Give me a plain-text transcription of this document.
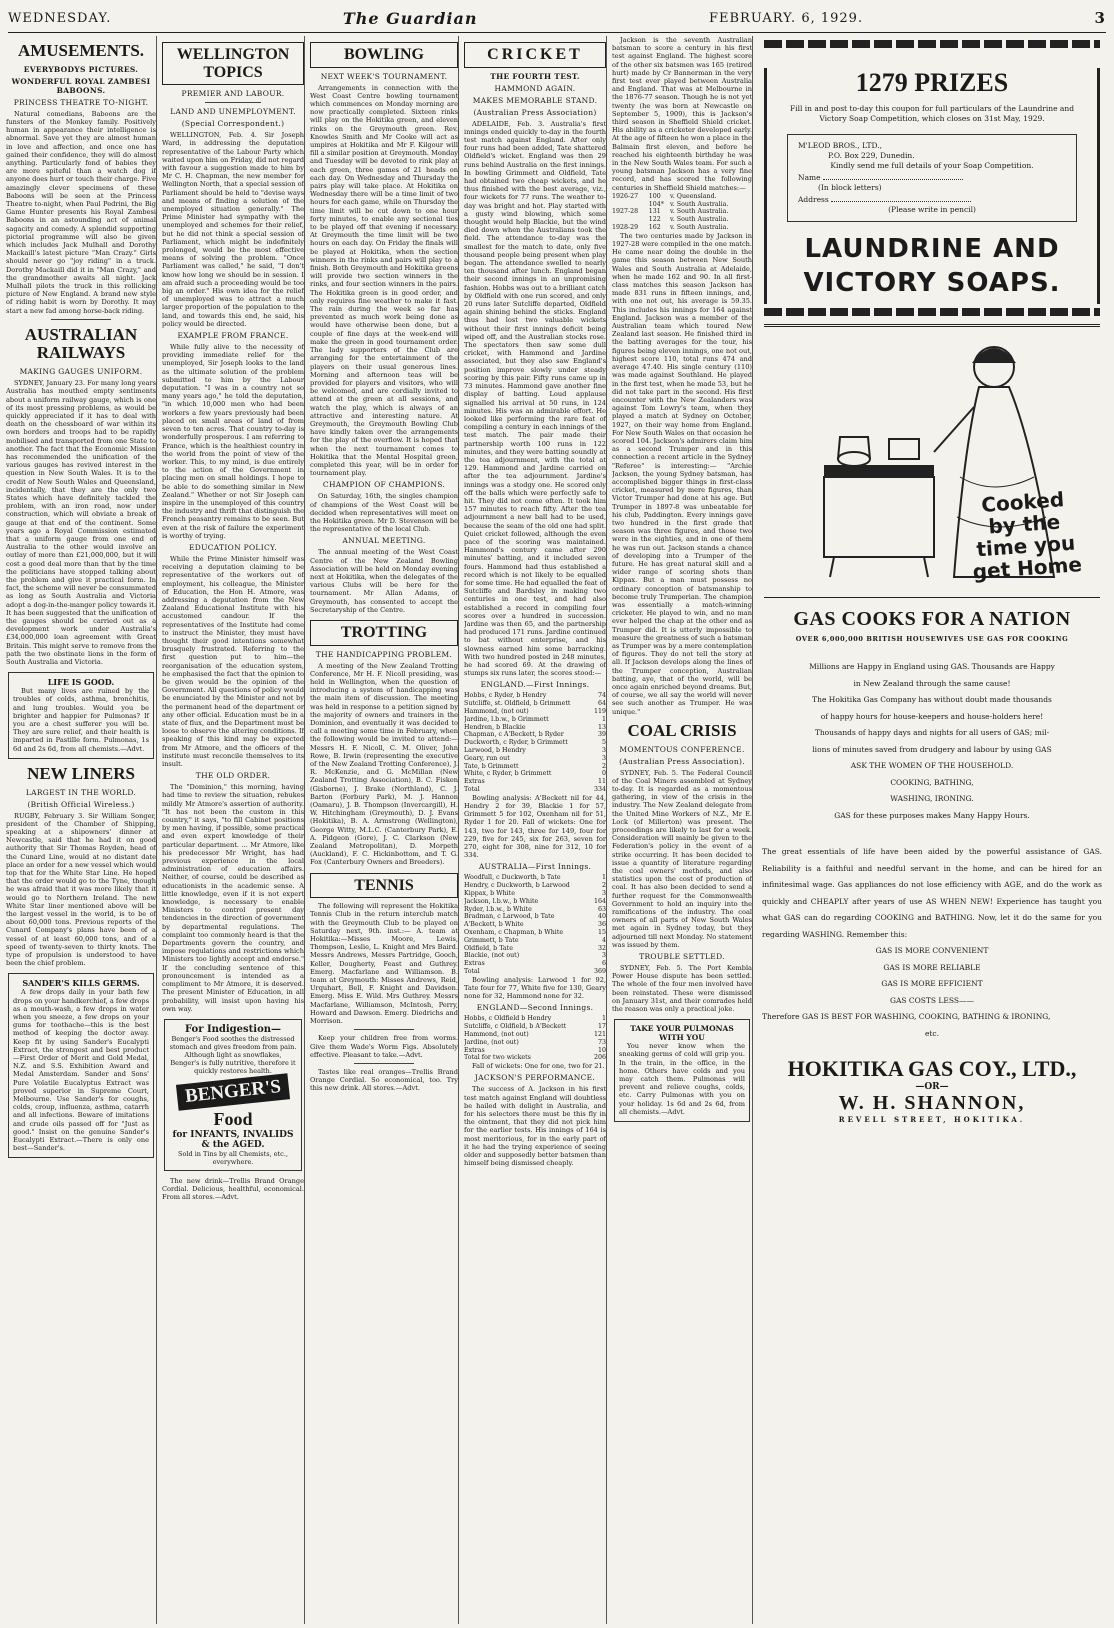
WEDNESDAY.	The Guardian	FEBRUARY. 6, 1929.	3
AMUSEMENTS.
EVERYBODYS PICTURES.
WONDERFUL ROYAL ZAMBESI BABOONS.
PRINCESS THEATRE TO-NIGHT.

Natural comedians, Baboons are the funsters of the Monkey family. Positively human in appearance their intelligence is abnormal. Save yet they are almost human in love and affection, and once one has gained their confidence, they will do almost anything. Particularly fond of babies they are more spiteful than a watch dog if anyone does hurt or touch their charge. Five amazingly clever specimens of these Baboons will be seen at the Princess Theatre to-night, when Paul Pedrini, the Big Game Hunter presents his Royal Zambesi Baboons in an astounding act of animal sagacity and comedy. A splendid supporting pictorial programme will also be given which includes Jack Mulhall and Dorothy Mackaill's latest picture "Man Crazy." Girls should never go "joy riding" in a truck. Dorothy Mackaill did it in "Man Crazy," and the grandmother awaits all night. Jack Mulhall pilots the truck in this rollicking picture of New England. A brand new style of riding habit is worn by Dorothy. It may start a new fad among horse-back riding.

AUSTRALIAN RAILWAYS
MAKING GAUGES UNIFORM.

SYDNEY, January 23. For many long years Australia has mouthed empty sentiments about a uniform railway gauge, which is one of its most pressing problems, as would be quickly appreciated if it has to deal with death on the chessboard of war within its own borders and troops had to be rapidly mobilised and transported from one State to another. The fact that the Economic Mission has recommended the unification of the various gauges has revived interest in the question in New South Wales. It is to the credit of New South Wales and Queensland, incidentally, that they are the only two States which have definitely tackled the problem, with an iron road, now under construction, which will obviate a break of gauge at that end of the continent. Some years ago a Royal Commission estimated that a uniform gauge from one end of Australia to the other would involve an outlay of more than £21,000,000, but it will cost a good deal more than that by the time the politicians have stopped talking about the problem and give it practical form. In fact, the scheme will never be consummated as long as South Australia and Victoria adopt a dog-in-the-manger policy towards it. It has been suggested that the unification of the gauges should be carried out as a development work under Australia's £34,000,000 loan agreement with Great Britain. This might serve to remove from the path the two obstinate lions in the form of South Australia and Victoria.

LIFE IS GOOD.

But many lives are ruined by the troubles of colds, asthma, bronchitis, and lung troubles. Would you be brighter and happier for Pulmonas? If you are a chest sufferer you will be. They are sure relief, and their health is imparted in Pastille form. Pulmonas, 1s 6d and 2s 6d, from all chemists.—Advt.

NEW LINERS
LARGEST IN THE WORLD.
(British Official Wireless.)

RUGBY, February 3. Sir William Songer, president of the Chamber of Shipping, speaking at a shipowners' dinner at Newcastle, said that he had it on good authority that Sir Thomas Royden, head of the Cunard Line, would at no distant date place an order for a new vessel which would top that for the White Star Line. He hoped that the order would go to the Tyne, though he was afraid that it was more likely that it would go to Northern Ireland. The new White Star liner mentioned above will be the largest vessel in the world, is to be of about 60,000 tons. Previous reports of the Cunard Company's plans have been of a vessel of at least 60,000 tons, and of a speed of twenty-seven to thirty knots. The type of propulsion is understood to have been the chief problem.

SANDER'S KILLS GERMS.

A few drops daily in your bath few drops on your handkerchief, a few drops as a mouth-wash, a few drops in water when you sneeze, a few drops on your gums for toothache—this is the best method of keeping the doctor away. Keep fit by using Sander's Eucalypti Extract, the strongest and best product—First Order of Merit and Gold Medal, N.Z. and S.S. Exhibition Award and Medal Amsterdam. Sander and Sons' Pure Volatile Eucalyptus Extract was proved superior in Supreme Court, Melbourne. Use Sander's for coughs, colds, croup, influenza, asthma, catarrh and all infections. Beware of imitations and crude oils passed off for "Just as good." Insist on the genuine Sander's Eucalypti Extract.—There is only one best—Sander's.

WELLINGTON TOPICS
PREMIER AND LABOUR.
LAND AND UNEMPLOYMENT.
(Special Correspondent.)

WELLINGTON, Feb. 4. Sir Joseph Ward, in addressing the deputation representative of the Labour Party which waited upon him on Friday, did not regard with favour a suggestion made to him by Mr C. H. Chapman, the new member for Wellington North, that a special session of Parliament should be held to "devise ways and means of finding a solution of the unemployed situation generally." The Prime Minister had sympathy with the unemployed and schemes for their relief, but he did not think a special session of Parliament, which might be indefinitely prolonged, would be the most effective means of solving the problem. "Once Parliament was called," he said, "I don't know how long we should be in session. I am afraid such a proceeding would be too big an order." His own idea for the relief of unemployed was to attract a much larger proportion of the population to the land, and towards this end, he said, his policy would be directed.

EXAMPLE FROM FRANCE.

While fully alive to the necessity of providing immediate relief for the unemployed, Sir Joseph looks to the land as the ultimate solution of the problem submitted to him by the Labour deputation. "I was in a country not so many years ago," he told the deputation, "in which 10,000 men who had been workers a few years previously had been placed on small areas of land of from seven to ten acres. That country to-day is wonderfully prosperous. I am referring to France, which is the healthiest country in the world from the point of view of the worker. This, to my mind, is due entirely to the action of the Government in placing men on small holdings. I hope to be able to do something similar in New Zealand." Whether or not Sir Joseph can inspire in the unemployed of this country the industry and thrift that distinguish the French peasantry remains to be seen. But even at the risk of failure the experiment is worthy of trying.

EDUCATION POLICY.

While the Prime Minister himself was receiving a deputation claiming to be representative of the workers out of employment, his colleague, the Minister of Education, the Hon H. Atmore, was addressing a deputation from the New Zealand Educational Institute with his accustomed candour. If the representatives of the Institute had come to instruct the Minister, they must have thought their good intentions somewhat brusquely frustrated. Referring to the first question put to him—the reorganisation of the education system, he emphasised the fact that the opinion to be given would be the opinion of the Government. All questions of policy would be enunciated by the Minister and not by the permanent head of the department or any other official. Education must be in a state of flux, and the Department must be loose to observe the altering conditions. If speaking of this kind may be expected from Mr Atmore, and the officers of the institute must reconcile themselves to its insult.

THE OLD ORDER.

The "Dominion," this morning, having had time to review the situation, rebukes mildly Mr Atmore's assertion of authority. "It has not been the custom in this country," it says, "to fill Cabinet positions by men having, if possible, some practical and even expert knowledge of their particular department. ... Mr Atmore, like his predecessor Mr Wright, has had previous experience in the local administration of education affairs. Neither, of course, could be described as educationists in the academic sense. A little knowledge, even if it is not expert knowledge, is necessary to enable Ministers to control present day tendencies in the direction of government by departmental regulations. The complaint too commonly heard is that the Departments govern the country, and impose regulations and restrictions which Ministers too lightly accept and endorse." If the concluding sentence of this pronouncement is intended as a compliment to Mr Atmore, it is deserved. The present Minister of Education, in all probability, will insist upon having his own way.

For Indigestion—
Benger's Food soothes the distressed stomach and gives freedom from pain. Although light as snowflakes, Benger's is fully nutritive, therefore it quickly restores health.
BENGER'S
Food
for INFANTS, INVALIDS & the AGED.
Sold in Tins by all Chemists, etc., everywhere.

The new drink—Trellis Brand Orange Cordial. Delicious, healthful, economical. From all stores.—Advt.

BOWLING
NEXT WEEK'S TOURNAMENT.

Arrangements in connection with the West Coast Centre bowling tournament which commences on Monday morning are now practically completed. Sixteen rinks will play on the Hokitika green, and eleven rinks on the Greymouth green. Rev. Knowles Smith and Mr Cooke will act as umpires at Hokitika and Mr F. Kilgour will fill a similar position at Greymouth. Monday and Tuesday will be devoted to rink play at each green, three games of 21 heads on each day. On Wednesday and Thursday the pairs play will take place. At Hokitika on Wednesday there will be a time limit of two hours for each game, while on Thursday the time limit will be cut down to one hour forty minutes, to enable any sectional ties to be played off that evening if necessary. At Greymouth the time limit will be two hours on each day. On Friday the finals will be played at Hokitika, when the section winners in the rinks and pairs will play to a finish. Both Greymouth and Hokitika greens will provide two section winners in the rinks, and four section winners in the pairs. The Hokitika green is in good order, and only requires fine weather to make it fast. The rain during the week so far has prevented as much work being done as would have otherwise been done, but a couple of fine days at the week-end will make the green in good tournament order. The lady supporters of the Club are arranging for the entertainment of the players on their usual generous lines. Morning and afternoon teas will be provided for players and visitors, who will be welcomed, and are cordially invited to attend at the green at all sessions, and watch the play, which is always of an attractive and interesting nature. At Greymouth, the Greymouth Bowling Club have kindly taken over the arrangements for the play of the overflow. It is hoped that when the next tournament comes to Hokitika that the Mental Hospital green, completed this year, will be in order for tournament play.

CHAMPION OF CHAMPIONS.

On Saturday, 16th, the singles champion of champions of the West Coast will be decided when representatives will meet on the Hokitika green. Mr D. Stevenson will be the representative of the local Club.

ANNUAL MEETING.

The annual meeting of the West Coast Centre of the New Zealand Bowling Association will be held on Monday evening next at Hokitika, when the delegates of the various Clubs will be here for the tournament. Mr Allan Adams, of Greymouth, has consented to accept the Secretaryship of the Centre.

TROTTING
THE HANDICAPPING PROBLEM.

A meeting of the New Zealand Trotting Conference, Mr H. F. Nicoll presiding, was held in Wellington, when the question of introducing a system of handicapping was the main item of discussion. The meeting was held in response to a petition signed by the majority of owners and trainers in the Dominion, and eventually it was decided to call a meeting some time in February, when the following would be invited to attend:—Messrs H. F. Nicoll, C. M. Oliver, John Rowe, B. Irwin (representing the executive of the New Zealand Trotting Conference), J. R. McKenzie, and G. McMillan (New Zealand Trotting Association), B. C. Fisken (Gisborne), J. Brake (Northland), C. J. Barton (Forbury Park), M. J. Hannon (Oamaru), J. B. Thompson (Invercargill), H. W. Hitchingham (Greymouth), D. J. Evans (Hokitika), B. A. Armstrong (Wellington), George Witty, M.L.C. (Canterbury Park), E. A. Pidgeon (Gore), J. C. Clarkson (New Zealand Metropolitan), D. Morpeth (Auckland), F. C. Hickinbottom, and T. G. Fox (Canterbury Owners and Breeders).

TENNIS

The following will represent the Hokitika Tennis Club in the return interclub match with the Greymouth Club to be played on Saturday next, 9th. inst.:— A. team at Hokitika:—Misses Moore, Lewis, Thompson, Leslie, L. Knight and Mrs Baird. Messrs Andrews, Messrs Partridge, Gooch, Keller, Dougherty, Feast and Guthrey. Emerg. Macfarlane and Williamson. B. team at Greymouth: Misses Andrews, Reid, Urquhart, Bell, F. Knight and Davidson. Emerg. Miss E. Wild. Mrs Guthrey. Messrs Macfarlane, Williamson, McIntosh, Perry, Howard and Dawson. Emerg. Diedrichs and Morrison.

Keep your children free from worms. Give them Wade's Worm Figs. Absolutely effective. Pleasant to take.—Advt.

Tastes like real oranges—Trellis Brand Orange Cordial. So economical, too. Try this new drink. All stores.—Advt.

CRICKET
THE FOURTH TEST.
HAMMOND AGAIN.
MAKES MEMORABLE STAND.
(Australian Press Association)

ADELAIDE, Feb. 3. Australia's first innings ended quickly to-day in the fourth test match against England. After only four runs had been added, Tate shattered Oldfield's wicket. England was then 29 runs behind Australia on the first innings. In bowling Grimmett and Oldfield, Tate had obtained two cheap wickets, and he thus finished with the best average, viz., four wickets for 77 runs. The weather to-day was bright and hot. Play started with a gusty wind blowing, which some thought would help Blackie, but the wind died down when the Australians took the field. The attendance to-day was the smallest for the match to date, only five thousand people being present when play began. The attendance swelled to nearly ten thousand after lunch. England began their second innings in an unpromising fashion. Hobbs was out to a brilliant catch by Oldfield with one run scored, and only 20 runs later Sutcliffe departed, Oldfield again shining behind the sticks. England thus had lost two valuable wickets without their first innings deficit being wiped off, and the Australian stocks rose. The spectators then saw some dull cricket, with Hammond and Jardine associated, but they also saw England's position improve slowly under steady scoring by this pair. Fifty runs came up in 73 minutes. Hammond gave another fine display of batting. Loud applause signalled his arrival at 50 runs, in 124 minutes. His was an admirable effort. He looked like performing the rare feat of compiling a century in each innings of the test match. The pair made their partnership worth 100 runs in 122 minutes, and they were batting soundly at the tea adjournment, with the total at 129. Hammond and Jardine carried on after the tea adjournment. Jardine's innings was a stodgy one. He scored only off the balls which were perfectly safe to hit. They did not come often. It took him 157 minutes to reach fifty. After the tea adjournment a new ball had to be used, because the seam of the old one had split. Quiet cricket followed, although the even pace of the scoring was maintained. Hammond's century came after 290 minutes' batting, and it included seven fours. Hammond had thus established a record which is not likely to be equalled for some time. He had equalled the feat of Sutcliffe and Bardsley in making two centuries in one test, and had also established a record in compiling four scores over a hundred in succession. Jardine was then 65, and the partnership had produced 171 runs. Jardine continued to bat without enterprise, and his slowness earned him some barracking. With two hundred posted in 248 minutes, he had scored 69. At the drawing of stumps six runs later, the scores stood:—

ENGLAND.—First Innings.
Hobbs, c Ryder, b Hendry	74
Sutcliffe, st. Oldfield, b Grimmett	64
Hammond, (not out)	119
Jardine, l.b.w., b Grimmett	1
Hendren, b Blackie	13
Chapman, c A'Beckett, b Ryder	39
Duckworth, c Ryder, b Grimmett	5
Larwood, b Hendry	3
Geary, run out	3
Tate, b Grimmett	2
White, c Ryder, b Grimmett	0
Extras	11
Total	334

Bowling analysis: A'Beckett nil for 44, Hendry 2 for 39, Blackie 1 for 57, Grimmett 5 for 102, Oxenham nil for 51, Ryder 1 for 20. Fall of wickets: One for 143, two for 143, three for 149, four for 229, five for 245, six for 263, seven for 270, eight for 308, nine for 312, 10 for 334.

AUSTRALIA—First Innings.
Woodfull, c Duckworth, b Tate	1
Hendry, c Duckworth, b Larwood	2
Kippax, b White	3
Jackson, l.b.w., b White	164
Ryder, l.b.w., b White	63
Bradman, c Larwood, b Tate	40
A'Beckett, b White	36
Oxenham, c Chapman, b White	15
Grimmett, b Tate	4
Oldfield, b Tate	32
Blackie, (not out)	3
Extras	6
Total	369

Bowling analysis: Larwood 1 for 92, Tate four for 77, White five for 130, Geary none for 32, Hammond none for 32.

ENGLAND—Second Innings.
Hobbs, c Oldfield b Hendry	1
Sutcliffe, c Oldfield, b A'Beckett	17
Hammond, (not out)	121
Jardine, (not out)	73
Extras	10
Total for two wickets	206

Fall of wickets: One for one, two for 21.

JACKSON'S PERFORMANCE.

The success of A. Jackson in his first test match against England will doubtless be hailed with delight in Australia, and for his selectors there must be this fly in the ointment, that they did not pick him for the earlier tests. His innings of 164 is most meritorious, for in the early part of it he had the trying experience of seeing older and supposedly better batsmen than himself being dismissed cheaply.

Jackson is the seventh Australian batsman to score a century in his first test against England. The highest score of the other six batsmen was 165 (retired hurt) made by Cr Bannerman in the very first test ever played between Australia and England. That was at Melbourne in the 1876-77 season. Though he is not yet twenty (he was born at Newcastle on September 5, 1909), this is Jackson's third season in Sheffield Shield cricket. His ability as a cricketer developed early. At the age of fifteen he won a place in the Balmain first eleven, and before he reached his eighteenth birthday he was in the New South Wales team. For such a young batsman Jackson has a very fine record, and has scored the following centuries in Sheffield Shield matches:—

1926-27	100	v. Queensland.
	104*	v. South Australia.
1927-28	131	v. South Australia.
	122	v. South Australia.
1928-29	162	v. South Australia.

The two centuries made by Jackson in 1927-28 were compiled in the one match. He came near doing the double in the game this season between New South Wales and South Australia at Adelaide, when he made 162 and 90. In all first-class matches this season Jackson has made 831 runs in fifteen innings, and, with one not out, his average is 59.35. This includes his innings for 164 against England. Jackson was a member of the Australian team which toured New Zealand last season. He finished third in the batting averages for the tour, his figures being eleven innings, one not out, highest score 110, total runs 474 and average 47.40. His single century (110) was made against Southland. He played in the first test, when he made 53, but he did not take part in the second. His first encounter with the New Zealanders was against Tom Lowry's team, when they played a match at Sydney on October, 1927, on their way home from England. For New South Wales on that occasion he scored 104. Jackson's admirers claim him as a second Trumper and in this connection a recent article in the Sydney "Referee" is interesting:— "Archie Jackson, the young Sydney batsman, has accomplished bigger things in first-class cricket, measured by mere figures, than Victor Trumper had done at his age. But Trumper in 1897-8 was unbeatable for his club, Paddington. Every innings gave two hundred in the first grade that season was three figures, and those two were in the eighties, and in one of them he was run out. Jackson stands a chance of developing into a Trumper of the future. He has great natural skill and a wider range of scoring shots than Kippax. But a man must possess no ordinary conception of batsmanship to become truly Trumperian. The champion was essentially a match-winning cricketer. He played to win, and no man ever helped the chap at the other end as Trumper did. It is utterly impossible to measure the greatness of such a batsman as Trumper was by a mere contemplation of figures. They do not tell the story at all. If Jackson develops along the lines of the Trumper conception, Australian batting, aye, that of the world, will be once again enriched beyond dreams. But, of course, we all say the world will never see such another as Trumper. He was unique."

COAL CRISIS
MOMENTOUS CONFERENCE.
(Australian Press Association).

SYDNEY, Feb. 5. The Federal Council of the Coal Miners assembled at Sydney to-day. It is regarded as a momentous gathering, in view of the crisis in the industry. The New Zealand delegate from the United Mine Workers of N.Z., Mr E. Lock (of Millerton) was present. The proceedings are likely to last for a week. Consideration will mainly be given to the Federation's policy in the event of a strike occurring. It has been decided to issue a quantity of literature regarding the coal owners' methods, and also statistics upon the cost of production of coal. It has also been decided to send a further request for the Commonwealth Government to hold an inquiry into the ramifications of the industry. The coal owners of all parts of New South Wales met again in Sydney today, but they adjourned till next Monday. No statement was issued by them.

TROUBLE SETTLED.

SYDNEY, Feb. 5. The Port Kembla Power House dispute has been settled. The whole of the four men involved have been reinstated. These were dismissed on January 31st, and their comrades held the reason was only a practical joke.

TAKE YOUR PULMONAS WITH YOU

You never know when the sneaking germs of cold will grip you. In the train, in the office, in the home. Others have colds and you may catch them. Pulmonas will prevent and relieve coughs, colds, etc. Carry Pulmonas with you on your holiday. 1s 6d and 2s 6d, from all chemists.—Advt.

1279 PRIZES
Fill in and post to-day this coupon for full particulars of the Laundrine and Victory Soap Competition, which closes on 31st May, 1929.
M'LEOD BROS., LTD.,
P.O. Box 229, Dunedin.
Kindly send me full details of your Soap Competition.
Name
(In block letters)
Address
(Please write in pencil)
LAUNDRINE AND
VICTORY SOAPS.
Cooked by the time you get Home
GAS COOKS FOR A NATION
OVER 6,000,000 BRITISH HOUSEWIVES USE GAS FOR COOKING
Millions are Happy in England using GAS. Thousands are Happy
in New Zealand through the same cause!
The Hokitika Gas Company has without doubt made thousands
of happy hours for house-keepers and house-holders here!
Thousands of happy days and nights for all users of GAS; mil-
lions of minutes saved from drudgery and labour by using GAS
ASK THE WOMEN OF THE HOUSEHOLD.
COOKING, BATHING,
WASHING, IRONING.
GAS for these purposes makes Many Happy Hours.
The great essentials of life have been aided by the powerful assistance of GAS. Reliability is a faithful and needful servant in the home, and can be hired for an infinitesimal wage. Gas appliances do not lose efficiency with AGE, and do the work as quickly and CHEAPLY after years of use AS WHEN NEW! Experience has taught you what GAS can do regarding COOKING and BATHING. Now, let it do the same for you regarding WASHING. Remember this:
GAS IS MORE CONVENIENT
GAS IS MORE RELIABLE
GAS IS MORE EFFICIENT
GAS COSTS LESS——
Therefore GAS IS BEST FOR WASHING, COOKING, BATHING & IRONING,
etc.
HOKITIKA GAS COY., LTD.,
—OR—
W. H. SHANNON,
REVELL STREET, HOKITIKA.
